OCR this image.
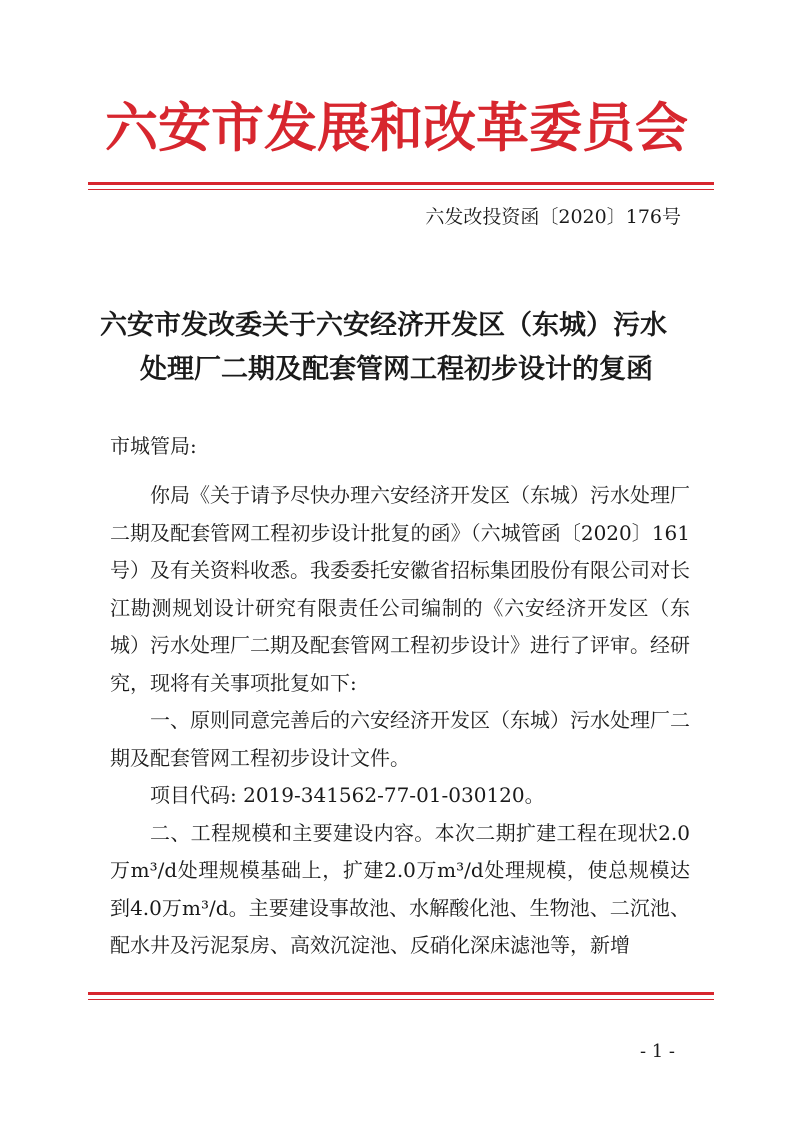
六安市发展和改革委员会
六发改投资函〔2020〕176号
六安市发改委关于六安经济开发区（东城）污水
处理厂二期及配套管网工程初步设计的复函
市城管局:

你局《关于请予尽快办理六安经济开发区（东城）污水处理厂二期及配套管网工程初步设计批复的函》（六城管函〔2020〕161号）及有关资料收悉。我委委托安徽省招标集团股份有限公司对长江勘测规划设计研究有限责任公司编制的《六安经济开发区（东城）污水处理厂二期及配套管网工程初步设计》进行了评审。经研究，现将有关事项批复如下:

一、原则同意完善后的六安经济开发区（东城）污水处理厂二期及配套管网工程初步设计文件。

项目代码: 2019-341562-77-01-030120。

二、工程规模和主要建设内容。本次二期扩建工程在现状2.0万m³/d处理规模基础上，扩建2.0万m³/d处理规模，使总规模达到4.0万m³/d。主要建设事故池、水解酸化池、生物池、二沉池、配水井及污泥泵房、高效沉淀池、反硝化深床滤池等，新增

- 1 -
